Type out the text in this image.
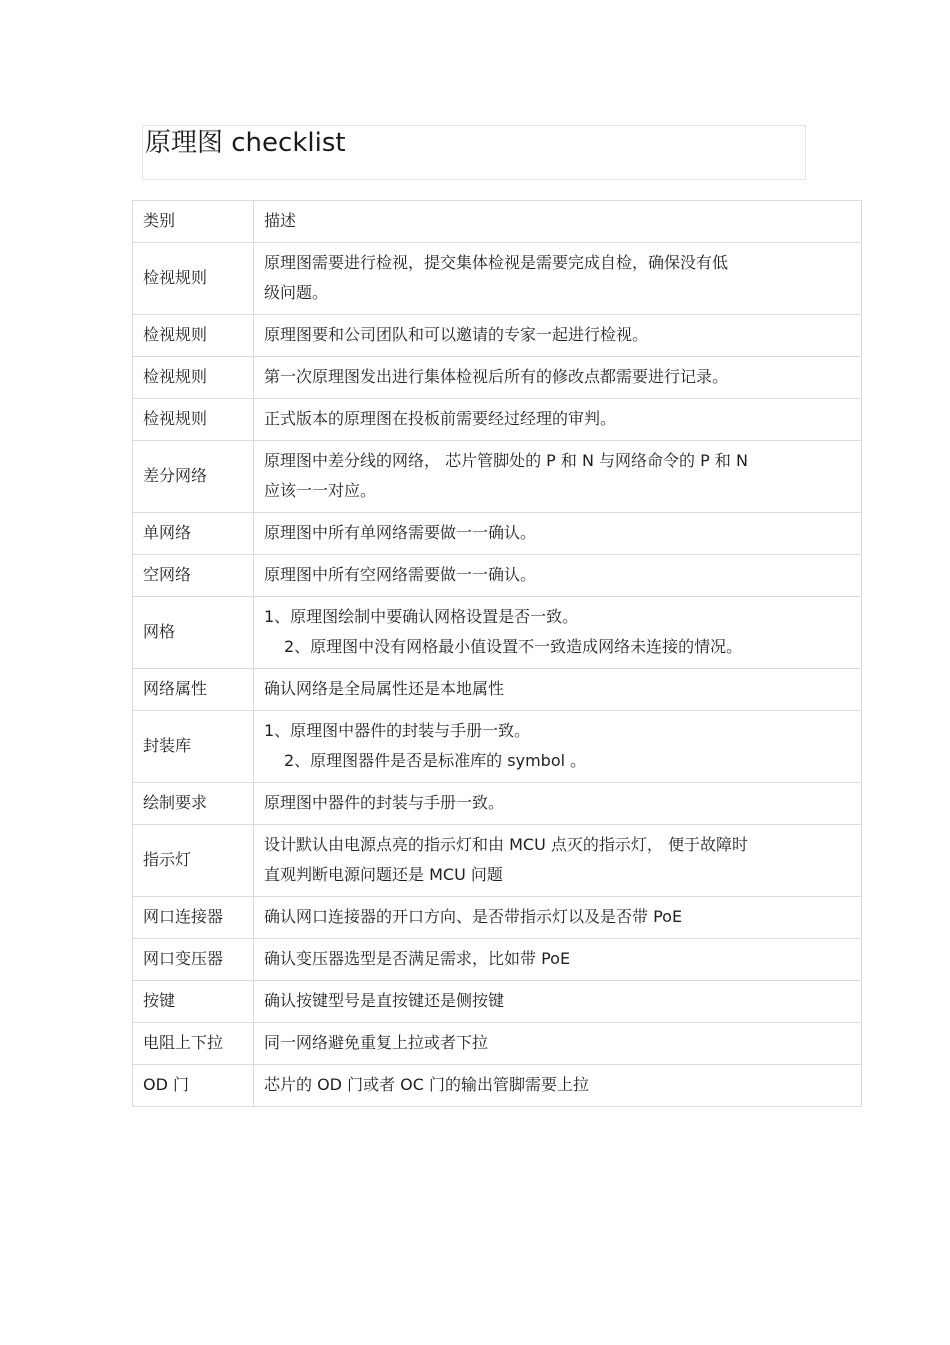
原理图 checklist
类别	描述
检视规则	原理图需要进行检视，提交集体检视是需要完成自检，确保没有低
级问题。

检视规则	原理图要和公司团队和可以邀请的专家一起进行检视。

检视规则	第一次原理图发出进行集体检视后所有的修改点都需要进行记录。

检视规则	正式版本的原理图在投板前需要经过经理的审判。

差分网络	原理图中差分线的网络， 芯片管脚处的 P 和 N 与网络命令的 P 和 N
应该一一对应。

单网络	原理图中所有单网络需要做一一确认。

空网络	原理图中所有空网络需要做一一确认。

网格	1、原理图绘制中要确认网格设置是否一致。
2、原理图中没有网格最小值设置不一致造成网络未连接的情况。

网络属性	确认网络是全局属性还是本地属性

封装库	1、原理图中器件的封装与手册一致。
2、原理图器件是否是标准库的 symbol 。

绘制要求	原理图中器件的封装与手册一致。

指示灯	设计默认由电源点亮的指示灯和由 MCU 点灭的指示灯， 便于故障时
直观判断电源问题还是 MCU 问题

网口连接器	确认网口连接器的开口方向、是否带指示灯以及是否带 PoE

网口变压器	确认变压器选型是否满足需求，比如带 PoE

按键	确认按键型号是直按键还是侧按键

电阻上下拉	同一网络避免重复上拉或者下拉

OD 门	芯片的 OD 门或者 OC 门的输出管脚需要上拉
